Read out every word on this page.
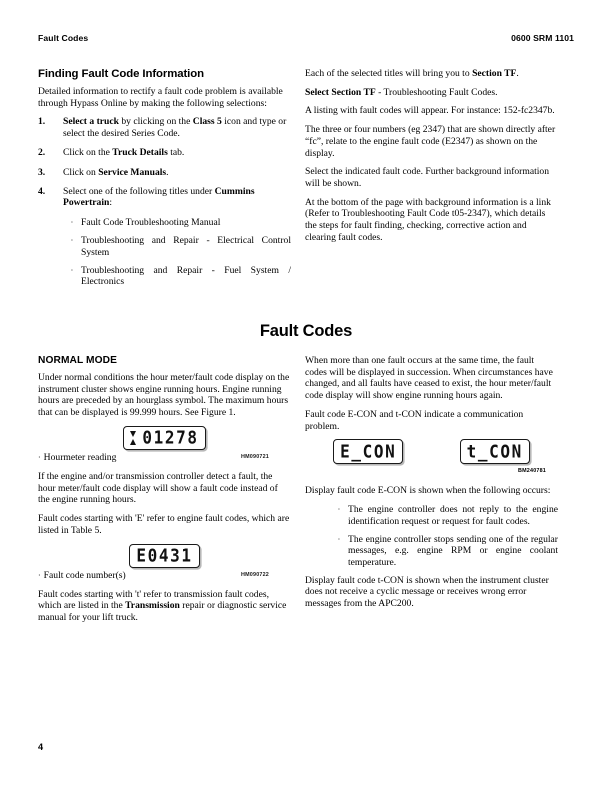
Fault Codes	0600 SRM 1101
Finding Fault Code Information

Detailed information to rectify a fault code problem is available through Hypass Online by making the following selections:

1.	Select a truck by clicking on the Class 5 icon and type or select the desired Series Code.
2.	Click on the Truck Details tab.
3.	Click on Service Manuals.
4.	Select one of the following titles under Cummins Powertrain:
· Fault Code Troubleshooting Manual
· Troubleshooting and Repair - Electrical Control System
· Troubleshooting and Repair - Fuel System / Electronics

Each of the selected titles will bring you to Section TF.

Select Section TF - Troubleshooting Fault Codes.

A listing with fault codes will appear. For instance: 152-fc2347b.

The three or four numbers (eg 2347) that are shown directly after “fc”, relate to the engine fault code (E2347) as shown on the display.

Select the indicated fault code. Further background information will be shown.

At the bottom of the page with background information is a link (Refer to Troubleshooting Fault Code t05-2347), which details the steps for fault finding, checking, corrective action and clearing fault codes.

Fault Codes
NORMAL MODE

Under normal conditions the hour meter/fault code display on the instrument cluster shows engine running hours. Engine running hours are preceded by an hourglass symbol. The maximum hours that can be displayed is 99.999 hours. See Figure 1.

01278
· Hourmeter reading	HM090721

If the engine and/or transmission controller detect a fault, the hour meter/fault code display will show a fault code instead of the engine running hours.

Fault codes starting with 'E' refer to engine fault codes, which are listed in Table 5.

E0431
· Fault code number(s)	HM090722

Fault codes starting with 't' refer to transmission fault codes, which are listed in the Transmission repair or diagnostic service manual for your lift truck.

When more than one fault occurs at the same time, the fault codes will be displayed in succession. When circumstances have changed, and all faults have ceased to exist, the hour meter/fault code display will show engine running hours again.

Fault code E-CON and t-CON indicate a communication problem.

E_CON	t_CON
BM240781

Display fault code E-CON is shown when the following occurs:

· The engine controller does not reply to the engine identification request or request for fault codes.
· The engine controller stops sending one of the regular messages, e.g. engine RPM or engine coolant temperature.

Display fault code t-CON is shown when the instrument cluster does not receive a cyclic message or receives wrong error messages from the APC200.

4
